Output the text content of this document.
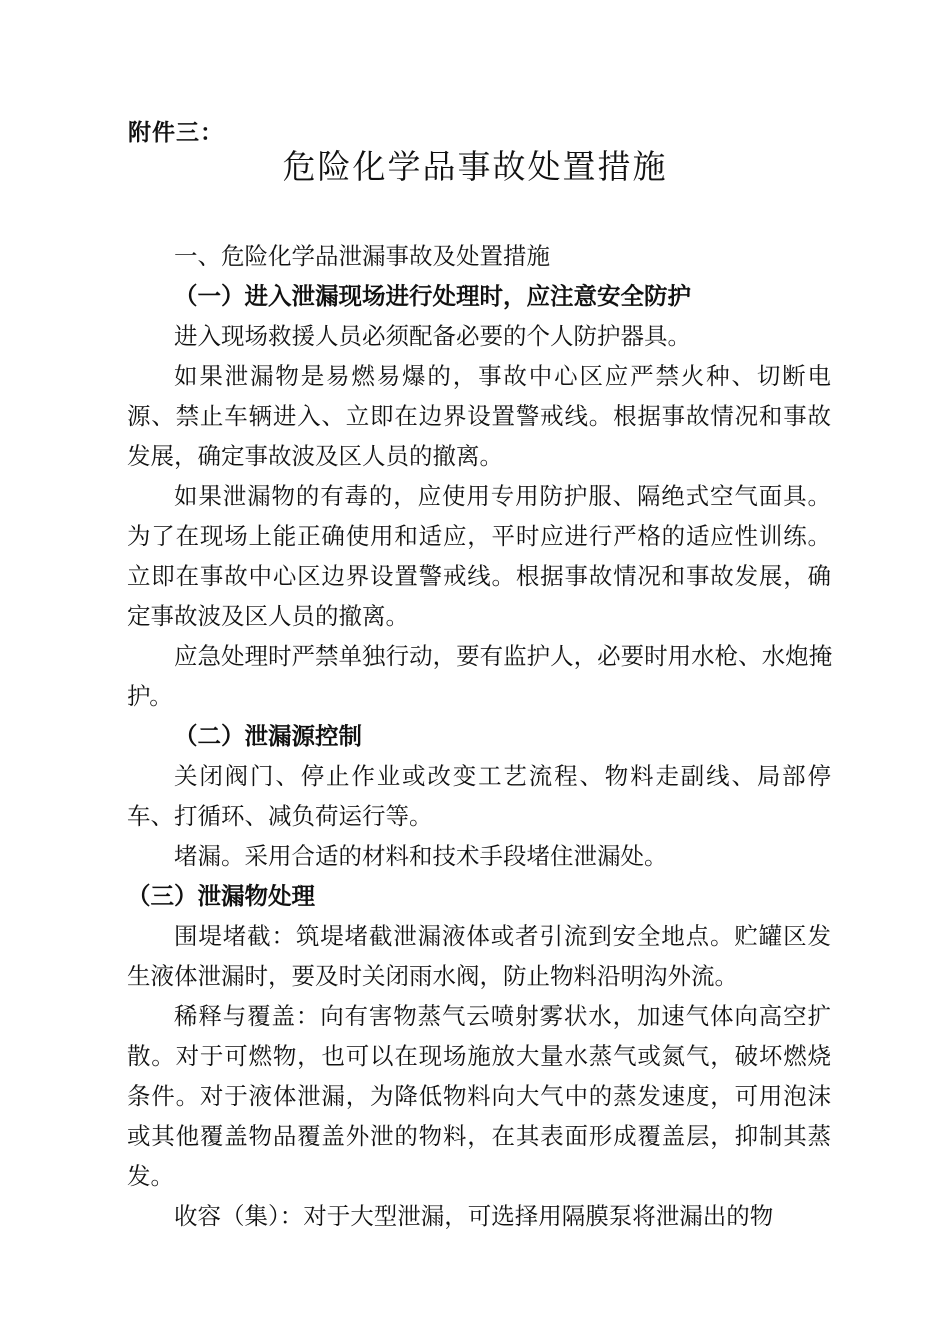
附件三：
危险化学品事故处置措施

一、危险化学品泄漏事故及处置措施

（一）进入泄漏现场进行处理时，应注意安全防护

进入现场救援人员必须配备必要的个人防护器具。

如果泄漏物是易燃易爆的，事故中心区应严禁火种、切断电源、禁止车辆进入、立即在边界设置警戒线。根据事故情况和事故发展，确定事故波及区人员的撤离。

如果泄漏物的有毒的，应使用专用防护服、隔绝式空气面具。为了在现场上能正确使用和适应，平时应进行严格的适应性训练。立即在事故中心区边界设置警戒线。根据事故情况和事故发展，确定事故波及区人员的撤离。

应急处理时严禁单独行动，要有监护人，必要时用水枪、水炮掩护。

（二）泄漏源控制

关闭阀门、停止作业或改变工艺流程、物料走副线、局部停车、打循环、减负荷运行等。

堵漏。采用合适的材料和技术手段堵住泄漏处。

（三）泄漏物处理

围堤堵截：筑堤堵截泄漏液体或者引流到安全地点。贮罐区发生液体泄漏时，要及时关闭雨水阀，防止物料沿明沟外流。

稀释与覆盖：向有害物蒸气云喷射雾状水，加速气体向高空扩散。对于可燃物，也可以在现场施放大量水蒸气或氮气，破坏燃烧条件。对于液体泄漏，为降低物料向大气中的蒸发速度，可用泡沫或其他覆盖物品覆盖外泄的物料，在其表面形成覆盖层，抑制其蒸发。

收容（集）：对于大型泄漏，可选择用隔膜泵将泄漏出的物
